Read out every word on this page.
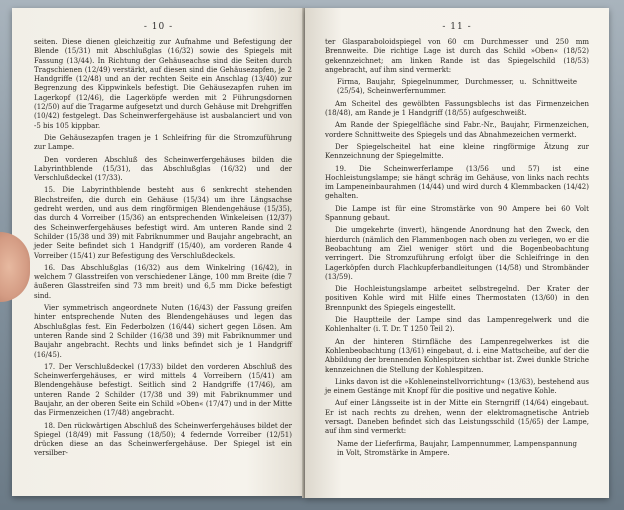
- 10 -

seiten. Diese dienen gleichzeitig zur Aufnahme und Befestigung der Blende (15/31) mit Abschlußglas (16/32) sowie des Spiegels mit Fassung (13/44). In Richtung der Gehäuseachse sind die Seiten durch Tragschienen (12/49) verstärkt, auf diesen sind die Gehäusezapfen, je 2 Handgriffe (12/48) und an der rechten Seite ein Anschlag (13/40) zur Begrenzung des Kippwinkels befestigt. Die Gehäusezapfen ruhen im Lagerkopf (12/46), die Lagerköpfe werden mit 2 Führungsdornen (12/50) auf die Tragarme aufgesetzt und durch Gehäuse mit Drehgriffen (10/42) festgelegt. Das Scheinwerfergehäuse ist ausbalanciert und von -5 bis 105 kippbar.

Die Gehäusezapfen tragen je 1 Schleifring für die Stromzuführung zur Lampe.

Den vorderen Abschluß des Scheinwerfergehäuses bilden die Labyrinthblende (15/31), das Abschlußglas (16/32) und der Verschlußdeckel (17/33).

15. Die Labyrinthblende besteht aus 6 senkrecht stehenden Blechstreifen, die durch ein Gehäuse (15/34) um ihre Längsachse gedreht werden, und aus dem ringförmigen Blendengehäuse (15/35), das durch 4 Vorreiber (15/36) an entsprechenden Winkeleisen (12/37) des Scheinwerfergehäuses befestigt wird. Am unteren Rande sind 2 Schilder (15/38 und 39) mit Fabriknummer und Baujahr angebracht, an jeder Seite befindet sich 1 Handgriff (15/40), am vorderen Rande 4 Vorreiber (15/41) zur Befestigung des Verschlußdeckels.

16. Das Abschlußglas (16/32) aus dem Winkelring (16/42), in welchem 7 Glasstreifen von verschiedener Länge, 100 mm Breite (die 7 äußeren Glasstreifen sind 73 mm breit) und 6,5 mm Dicke befestigt sind.

Vier symmetrisch angeordnete Nuten (16/43) der Fassung greifen hinter entsprechende Nuten des Blendengehäuses und legen das Abschlußglas fest. Ein Federbolzen (16/44) sichert gegen Lösen. Am unteren Rande sind 2 Schilder (16/38 und 39) mit Fabriknummer und Baujahr angebracht. Rechts und links befindet sich je 1 Handgriff (16/45).

17. Der Verschlußdeckel (17/33) bildet den vorderen Abschluß des Scheinwerfergehäuses, er wird mittels 4 Vorreibern (15/41) am Blendengehäuse befestigt. Seitlich sind 2 Handgriffe (17/46), am unteren Rande 2 Schilder (17/38 und 39) mit Fabriknummer und Baujahr, an der oberen Seite ein Schild »Oben« (17/47) und in der Mitte das Firmenzeichen (17/48) angebracht.

18. Den rückwärtigen Abschluß des Scheinwerfergehäuses bildet der Spiegel (18/49) mit Fassung (18/50); 4 federnde Vorreiber (12/51) drücken diese an das Scheinwerfergehäuse. Der Spiegel ist ein versilber-

- 11 -

ter Glasparaboloidspiegel von 60 cm Durchmesser und 250 mm Brennweite. Die richtige Lage ist durch das Schild »Oben« (18/52) gekennzeichnet; am linken Rande ist das Spiegelschild (18/53) angebracht, auf ihm sind vermerkt:

Firma, Baujahr, Spiegelnummer, Durchmesser, u. Schnittweite (25/54), Scheinwerfernummer.

Am Scheitel des gewölbten Fassungsblechs ist das Firmenzeichen (18/48), am Rande je 1 Handgriff (18/55) aufgeschweißt.

Am Rande der Spiegelfläche sind Fabr.-Nr., Baujahr, Firmenzeichen, vordere Schnittweite des Spiegels und das Abnahmezeichen vermerkt.

Der Spiegelscheitel hat eine kleine ringförmige Ätzung zur Kennzeichnung der Spiegelmitte.

19. Die Scheinwerferlampe (13/56 und 57) ist eine Hochleistungslampe; sie hängt schräg im Gehäuse, von links nach rechts im Lampeneinbaurahmen (14/44) und wird durch 4 Klemmbacken (14/42) gehalten.

Die Lampe ist für eine Stromstärke von 90 Ampere bei 60 Volt Spannung gebaut.

Die umgekehrte (invert), hängende Anordnung hat den Zweck, den hierdurch (nämlich den Flammenbogen nach oben zu verlegen, wo er die Beobachtung am Ziel weniger stört und die Bogenbeobachtung verringert. Die Stromzuführung erfolgt über die Schleifringe in den Lagerköpfen durch Flachkupferbandleitungen (14/58) und Strombänder (13/59).

Die Hochleistungslampe arbeitet selbstregelnd. Der Krater der positiven Kohle wird mit Hilfe eines Thermostaten (13/60) in den Brennpunkt des Spiegels eingestellt.

Die Hauptteile der Lampe sind das Lampenregelwerk und die Kohlenhalter (i. T. Dr. T 1250 Teil 2).

An der hinteren Stirnfläche des Lampenregelwerkes ist die Kohlenbeobachtung (13/61) eingebaut, d. i. eine Mattscheibe, auf der die Abbildung der brennenden Kohlespitzen sichtbar ist. Zwei dunkle Striche kennzeichnen die Stellung der Kohlespitzen.

Links davon ist die »Kohleneinstellvorrichtung« (13/63), bestehend aus je einem Gestänge mit Knopf für die positive und negative Kohle.

Auf einer Längsseite ist in der Mitte ein Sterngriff (14/64) eingebaut. Er ist nach rechts zu drehen, wenn der elektromagnetische Antrieb versagt. Daneben befindet sich das Leistungsschild (15/65) der Lampe, auf ihm sind vermerkt:

Name der Lieferfirma, Baujahr, Lampennummer, Lampenspannung in Volt, Stromstärke in Ampere.
